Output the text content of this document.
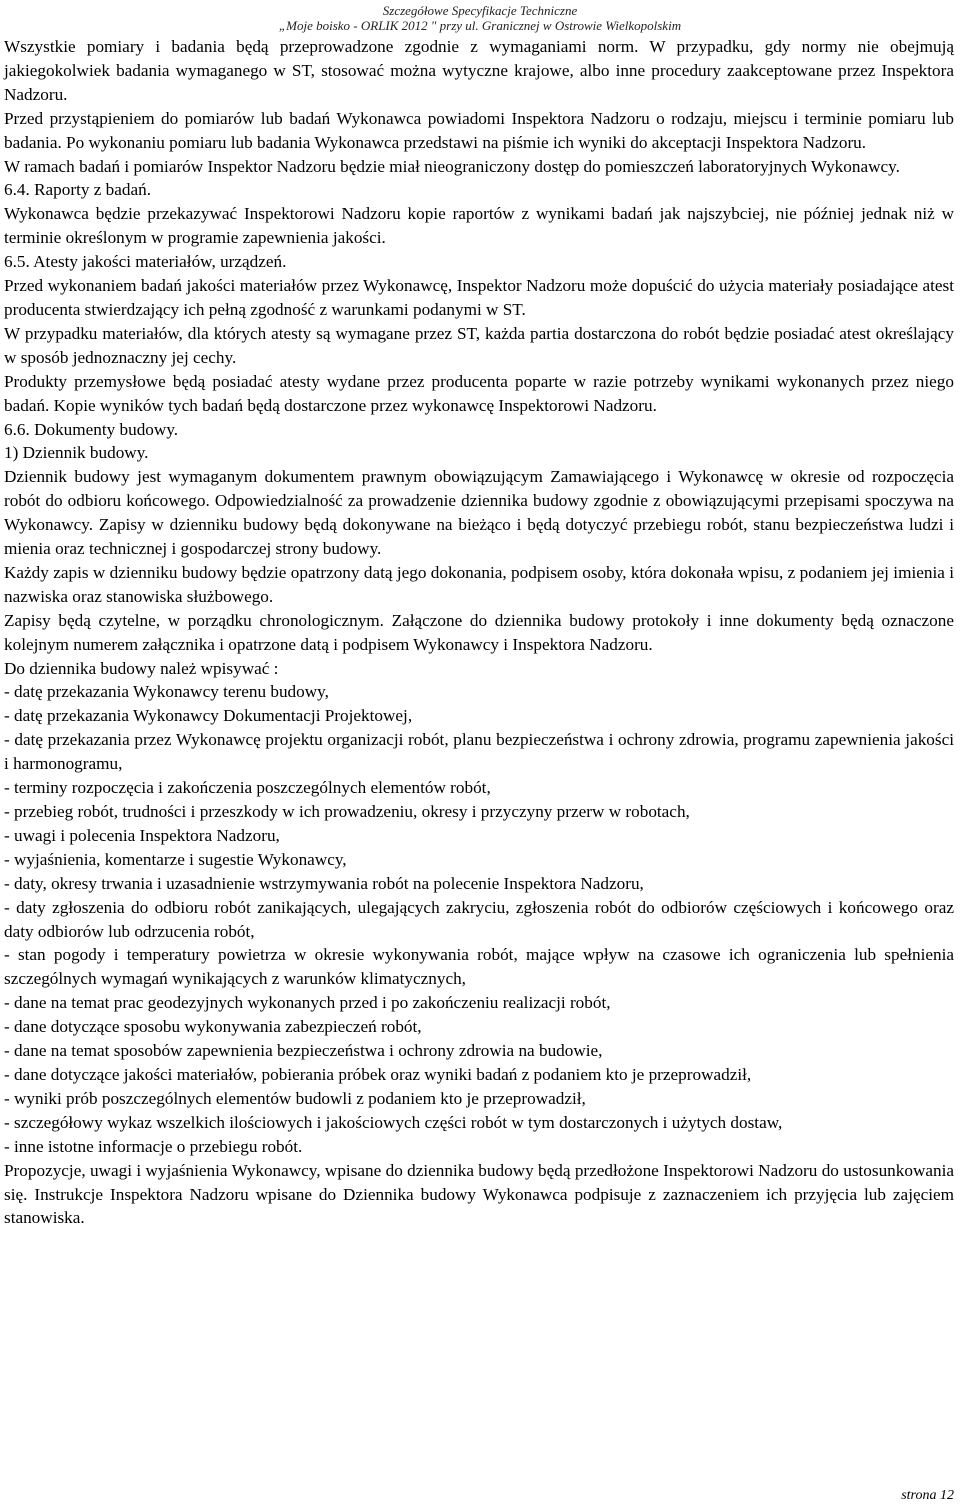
Szczegółowe Specyfikacje Techniczne
„Moje boisko - ORLIK 2012 " przy ul. Granicznej w Ostrowie Wielkopolskim

Wszystkie pomiary i badania będą przeprowadzone zgodnie z wymaganiami norm. W przypadku, gdy normy nie obejmują jakiegokolwiek badania wymaganego w ST, stosować można wytyczne krajowe, albo inne procedury zaakceptowane przez Inspektora Nadzoru.

Przed przystąpieniem do pomiarów lub badań Wykonawca powiadomi Inspektora Nadzoru o rodzaju, miejscu i terminie pomiaru lub badania. Po wykonaniu pomiaru lub badania Wykonawca przedstawi na piśmie ich wyniki do akceptacji Inspektora Nadzoru.

W ramach badań i pomiarów Inspektor Nadzoru będzie miał nieograniczony dostęp do pomieszczeń laboratoryjnych Wykonawcy.

6.4. Raporty z badań.

Wykonawca będzie przekazywać Inspektorowi Nadzoru kopie raportów z wynikami badań jak najszybciej, nie później jednak niż w terminie określonym w programie zapewnienia jakości.

6.5. Atesty jakości materiałów, urządzeń.

Przed wykonaniem badań jakości materiałów przez Wykonawcę, Inspektor Nadzoru może dopuścić do użycia materiały posiadające atest producenta stwierdzający ich pełną zgodność z warunkami podanymi w ST.

W przypadku materiałów, dla których atesty są wymagane przez ST, każda partia dostarczona do robót będzie posiadać atest określający w sposób jednoznaczny jej cechy.

Produkty przemysłowe będą posiadać atesty wydane przez producenta poparte w razie potrzeby wynikami wykonanych przez niego badań. Kopie wyników tych badań będą dostarczone przez wykonawcę Inspektorowi Nadzoru.

6.6. Dokumenty budowy.

1) Dziennik budowy.

Dziennik budowy jest wymaganym dokumentem prawnym obowiązującym Zamawiającego i Wykonawcę w okresie od rozpoczęcia robót do odbioru końcowego. Odpowiedzialność za prowadzenie dziennika budowy zgodnie z obowiązującymi przepisami spoczywa na Wykonawcy. Zapisy w dzienniku budowy będą dokonywane na bieżąco i będą dotyczyć przebiegu robót, stanu bezpieczeństwa ludzi i mienia oraz technicznej i gospodarczej strony budowy.

Każdy zapis w dzienniku budowy będzie opatrzony datą jego dokonania, podpisem osoby, która dokonała wpisu, z podaniem jej imienia i nazwiska oraz stanowiska służbowego.

Zapisy będą czytelne, w porządku chronologicznym. Załączone do dziennika budowy protokoły i inne dokumenty będą oznaczone kolejnym numerem załącznika i opatrzone datą i podpisem Wykonawcy i Inspektora Nadzoru.

Do dziennika budowy należ wpisywać :

- datę przekazania Wykonawcy terenu budowy,

- datę przekazania Wykonawcy Dokumentacji Projektowej,

- datę przekazania przez Wykonawcę projektu organizacji robót, planu bezpieczeństwa i ochrony zdrowia, programu zapewnienia jakości i harmonogramu,

- terminy rozpoczęcia i zakończenia poszczególnych elementów robót,

- przebieg robót, trudności i przeszkody w ich prowadzeniu, okresy i przyczyny przerw w robotach,

- uwagi i polecenia Inspektora Nadzoru,

- wyjaśnienia, komentarze i sugestie Wykonawcy,

- daty, okresy trwania i uzasadnienie wstrzymywania robót na polecenie Inspektora Nadzoru,

- daty zgłoszenia do odbioru robót zanikających, ulegających zakryciu, zgłoszenia robót do odbiorów częściowych i końcowego oraz daty odbiorów lub odrzucenia robót,

- stan pogody i temperatury powietrza w okresie wykonywania robót, mające wpływ na czasowe ich ograniczenia lub spełnienia szczególnych wymagań wynikających z warunków klimatycznych,

- dane na temat prac geodezyjnych wykonanych przed i po zakończeniu realizacji robót,

- dane dotyczące sposobu wykonywania zabezpieczeń robót,

- dane na temat sposobów zapewnienia bezpieczeństwa i ochrony zdrowia na budowie,

- dane dotyczące jakości materiałów, pobierania próbek oraz wyniki badań z podaniem kto je przeprowadził,

- wyniki prób poszczególnych elementów budowli z podaniem kto je przeprowadził,

- szczegółowy wykaz wszelkich ilościowych i jakościowych części robót w tym dostarczonych i użytych dostaw,

- inne istotne informacje o przebiegu robót.

Propozycje, uwagi i wyjaśnienia Wykonawcy, wpisane do dziennika budowy będą przedłożone Inspektorowi Nadzoru do ustosunkowania się. Instrukcje Inspektora Nadzoru wpisane do Dziennika budowy Wykonawca podpisuje z zaznaczeniem ich przyjęcia lub zajęciem stanowiska.

strona 12
